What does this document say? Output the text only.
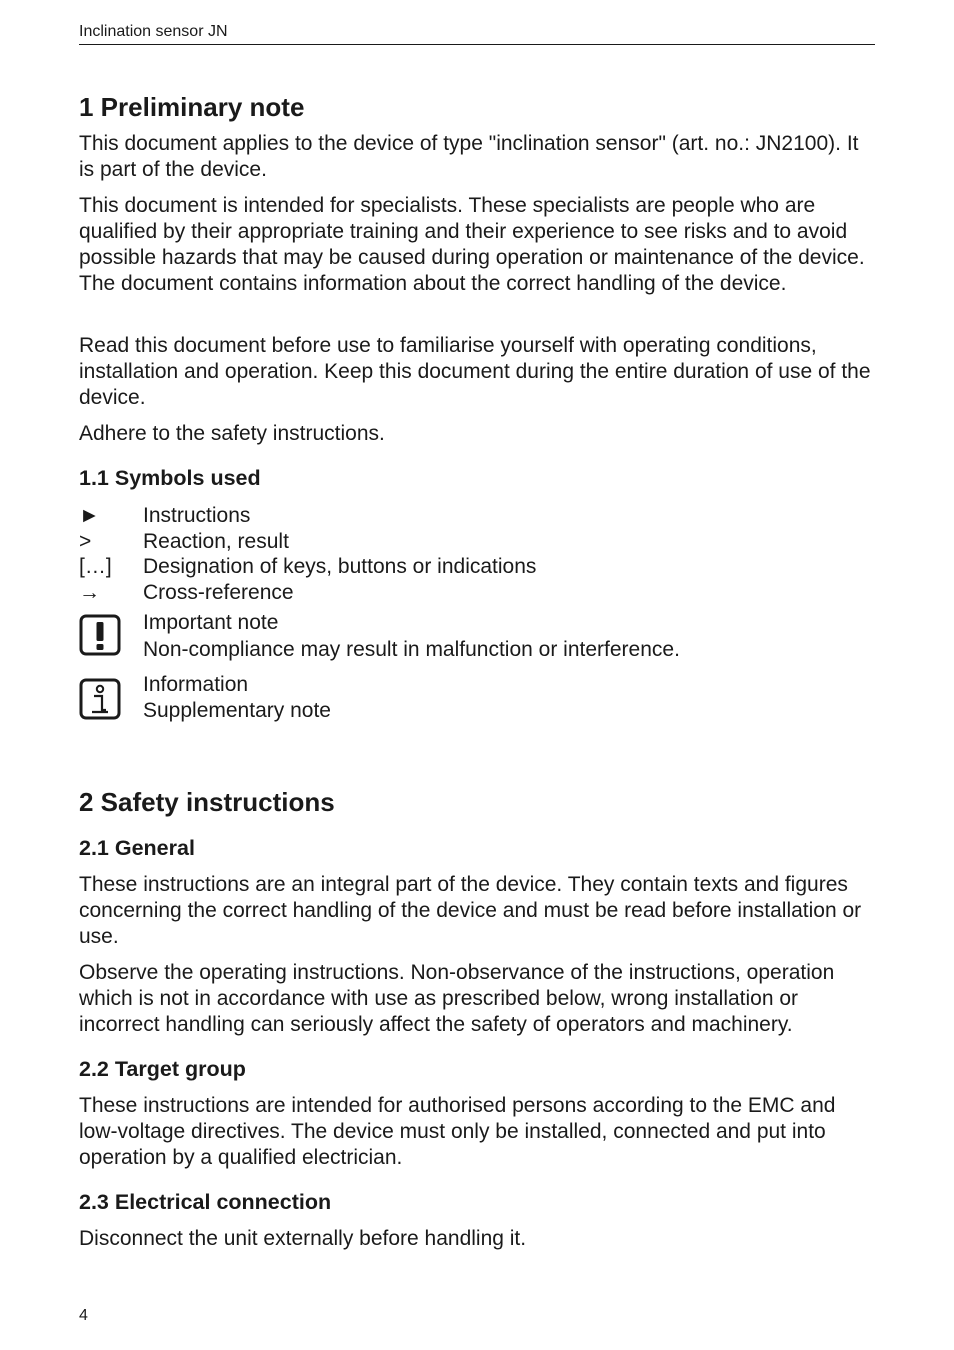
Inclination sensor JN
1 Preliminary note

This document applies to the device of type "inclination sensor" (art. no.: JN2100). It is part of the device.

This document is intended for specialists. These specialists are people who are qualified by their appropriate training and their experience to see risks and to avoid possible hazards that may be caused during operation or maintenance of the device. The document contains information about the correct handling of the device.

Read this document before use to familiarise yourself with operating conditions, installation and operation. Keep this document during the entire duration of use of the device.

Adhere to the safety instructions.

1.1 Symbols used
►	Instructions
>	Reaction, result
[…]	Designation of keys, buttons or indications
→	Cross-reference
Important note
Non-compliance may result in malfunction or interference.
Information
Supplementary note
2 Safety instructions
2.1 General

These instructions are an integral part of the device. They contain texts and figures concerning the correct handling of the device and must be read before installation or use.

Observe the operating instructions. Non-observance of the instructions, operation which is not in accordance with use as prescribed below, wrong installation or incorrect handling can seriously affect the safety of operators and machinery.

2.2 Target group

These instructions are intended for authorised persons according to the EMC and low-voltage directives. The device must only be installed, connected and put into operation by a qualified electrician.

2.3 Electrical connection

Disconnect the unit externally before handling it.

4
